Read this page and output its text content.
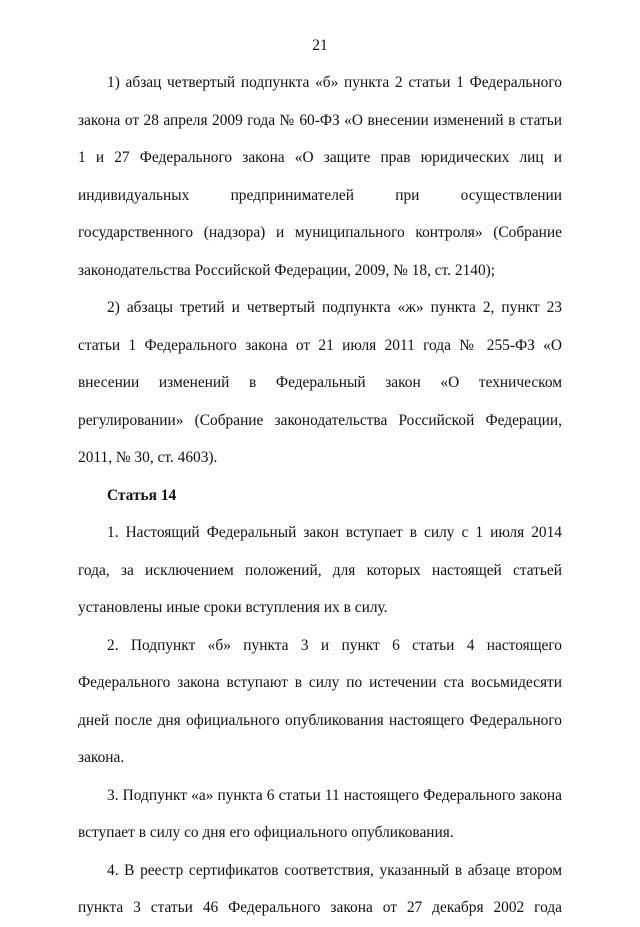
21

1) абзац четвертый подпункта «б» пункта 2 статьи 1 Федерального закона от 28 апреля 2009 года № 60-ФЗ «О внесении изменений в статьи 1 и 27 Федерального закона «О защите прав юридических лиц и индивидуальных предпринимателей при осуществлении государственного (надзора) и муниципального контроля» (Собрание законодательства Российской Федерации, 2009, № 18, ст. 2140);

2) абзацы третий и четвертый подпункта «ж» пункта 2, пункт 23 статьи 1 Федерального закона от 21 июля 2011 года № 255-ФЗ «О внесении изменений в Федеральный закон «О техническом регулировании» (Собрание законодательства Российской Федерации, 2011, № 30, ст. 4603).

Статья 14

1. Настоящий Федеральный закон вступает в силу с 1 июля 2014 года, за исключением положений, для которых настоящей статьей установлены иные сроки вступления их в силу.

2. Подпункт «б» пункта 3 и пункт 6 статьи 4 настоящего Федерального закона вступают в силу по истечении ста восьмидесяти дней после дня официального опубликования настоящего Федерального закона.

3. Подпункт «а» пункта 6 статьи 11 настоящего Федерального закона вступает в силу со дня его официального опубликования.

4. В реестр сертификатов соответствия, указанный в абзаце втором пункта 3 статьи 46 Федерального закона от 27 декабря 2002 года
